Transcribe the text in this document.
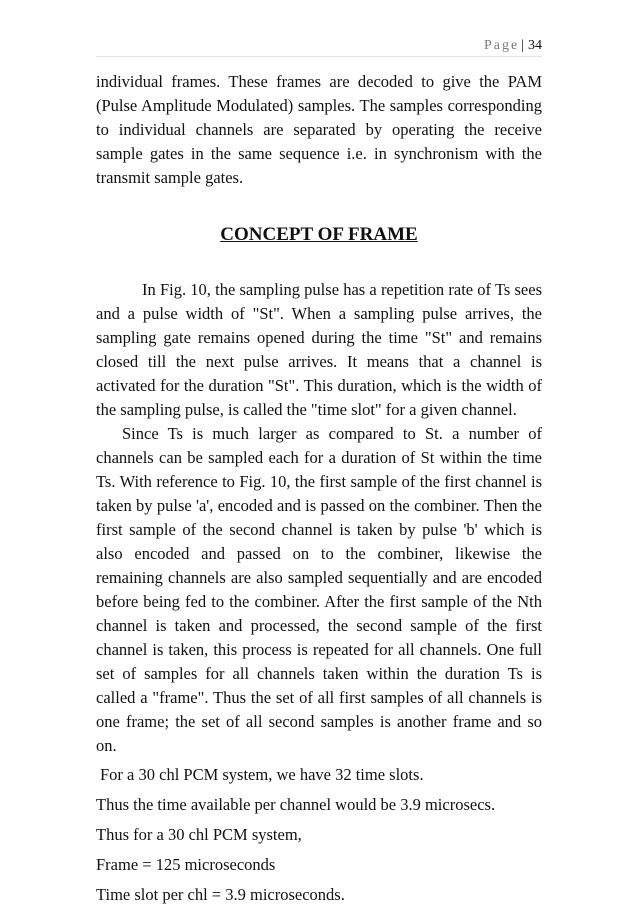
Page | 34

individual frames. These frames are decoded to give the PAM (Pulse Amplitude Modulated) samples. The samples corresponding to individual channels are separated by operating the receive sample gates in the same sequence i.e. in synchronism with the transmit sample gates.

CONCEPT OF FRAME

In Fig. 10, the sampling pulse has a repetition rate of Ts sees and a pulse width of "St". When a sampling pulse arrives, the sampling gate remains opened during the time "St" and remains closed till the next pulse arrives. It means that a channel is activated for the duration "St". This duration, which is the width of the sampling pulse, is called the "time slot" for a given channel.

Since Ts is much larger as compared to St. a number of channels can be sampled each for a duration of St within the time Ts. With reference to Fig. 10, the first sample of the first channel is taken by pulse 'a', encoded and is passed on the combiner. Then the first sample of the second channel is taken by pulse 'b' which is also encoded and passed on to the combiner, likewise the remaining channels are also sampled sequentially and are encoded before being fed to the combiner. After the first sample of the Nth channel is taken and processed, the second sample of the first channel is taken, this process is repeated for all channels. One full set of samples for all channels taken within the duration Ts is called a "frame". Thus the set of all first samples of all channels is one frame; the set of all second samples is another frame and so on.

For a 30 chl PCM system, we have 32 time slots.

Thus the time available per channel would be 3.9 microsecs.

Thus for a 30 chl PCM system,

Frame = 125 microseconds

Time slot per chl = 3.9 microseconds.
